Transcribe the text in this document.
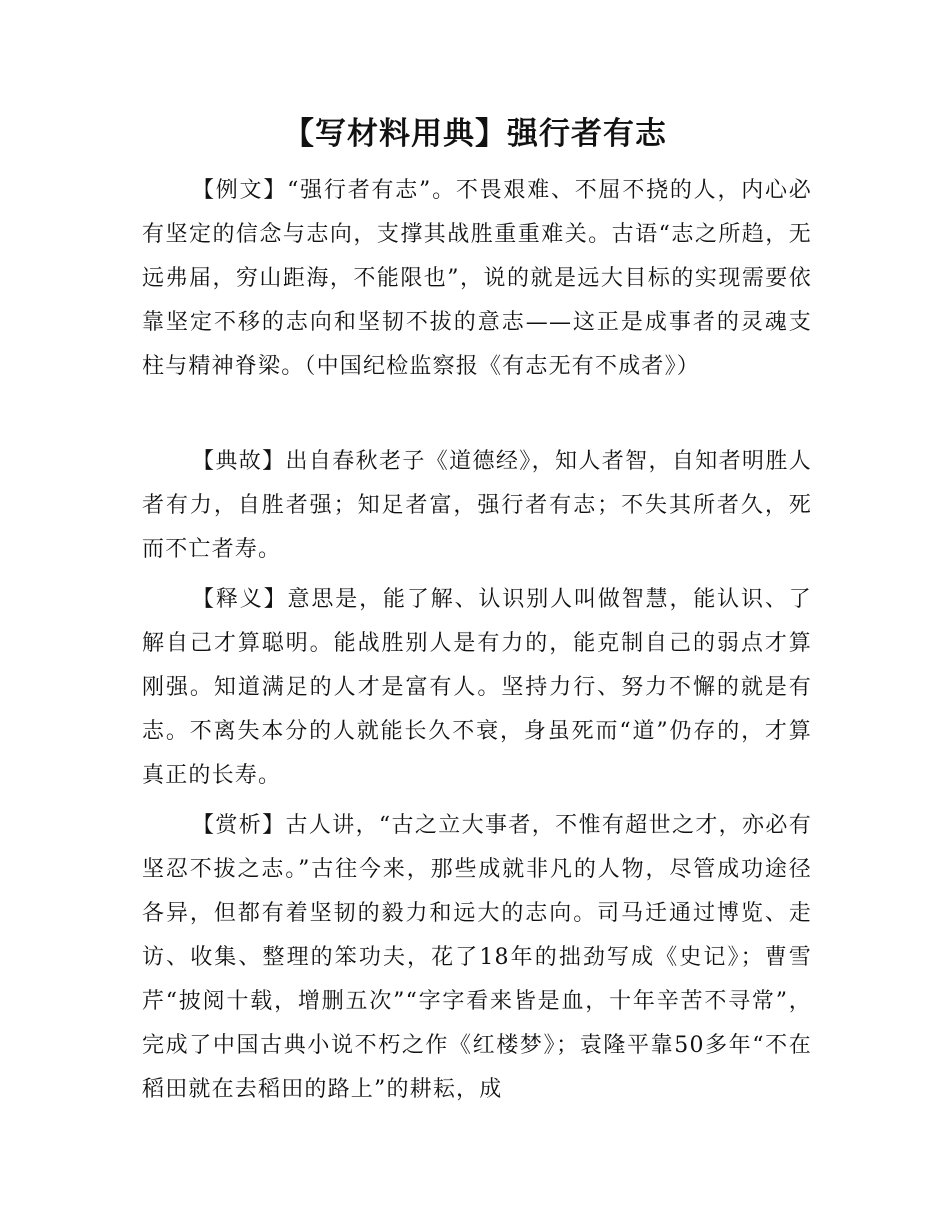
【写材料用典】强行者有志

【例文】“强行者有志”。不畏艰难、不屈不挠的人，内心必有坚定的信念与志向，支撑其战胜重重难关。古语“志之所趋，无远弗届，穷山距海，不能限也”，说的就是远大目标的实现需要依靠坚定不移的志向和坚韧不拔的意志——这正是成事者的灵魂支柱与精神脊梁。（中国纪检监察报《有志无有不成者》）

【典故】出自春秋老子《道德经》，知人者智，自知者明胜人者有力，自胜者强；知足者富，强行者有志；不失其所者久，死而不亡者寿。

【释义】意思是，能了解、认识别人叫做智慧，能认识、了解自己才算聪明。能战胜别人是有力的，能克制自己的弱点才算刚强。知道满足的人才是富有人。坚持力行、努力不懈的就是有志。不离失本分的人就能长久不衰，身虽死而“道”仍存的，才算真正的长寿。

【赏析】古人讲，“古之立大事者，不惟有超世之才，亦必有坚忍不拔之志。”古往今来，那些成就非凡的人物，尽管成功途径各异，但都有着坚韧的毅力和远大的志向。司马迁通过博览、走访、收集、整理的笨功夫，花了18年的拙劲写成《史记》；曹雪芹“披阅十载，增删五次”“字字看来皆是血，十年辛苦不寻常”，完成了中国古典小说不朽之作《红楼梦》；袁隆平靠50多年“不在稻田就在去稻田的路上”的耕耘，成
